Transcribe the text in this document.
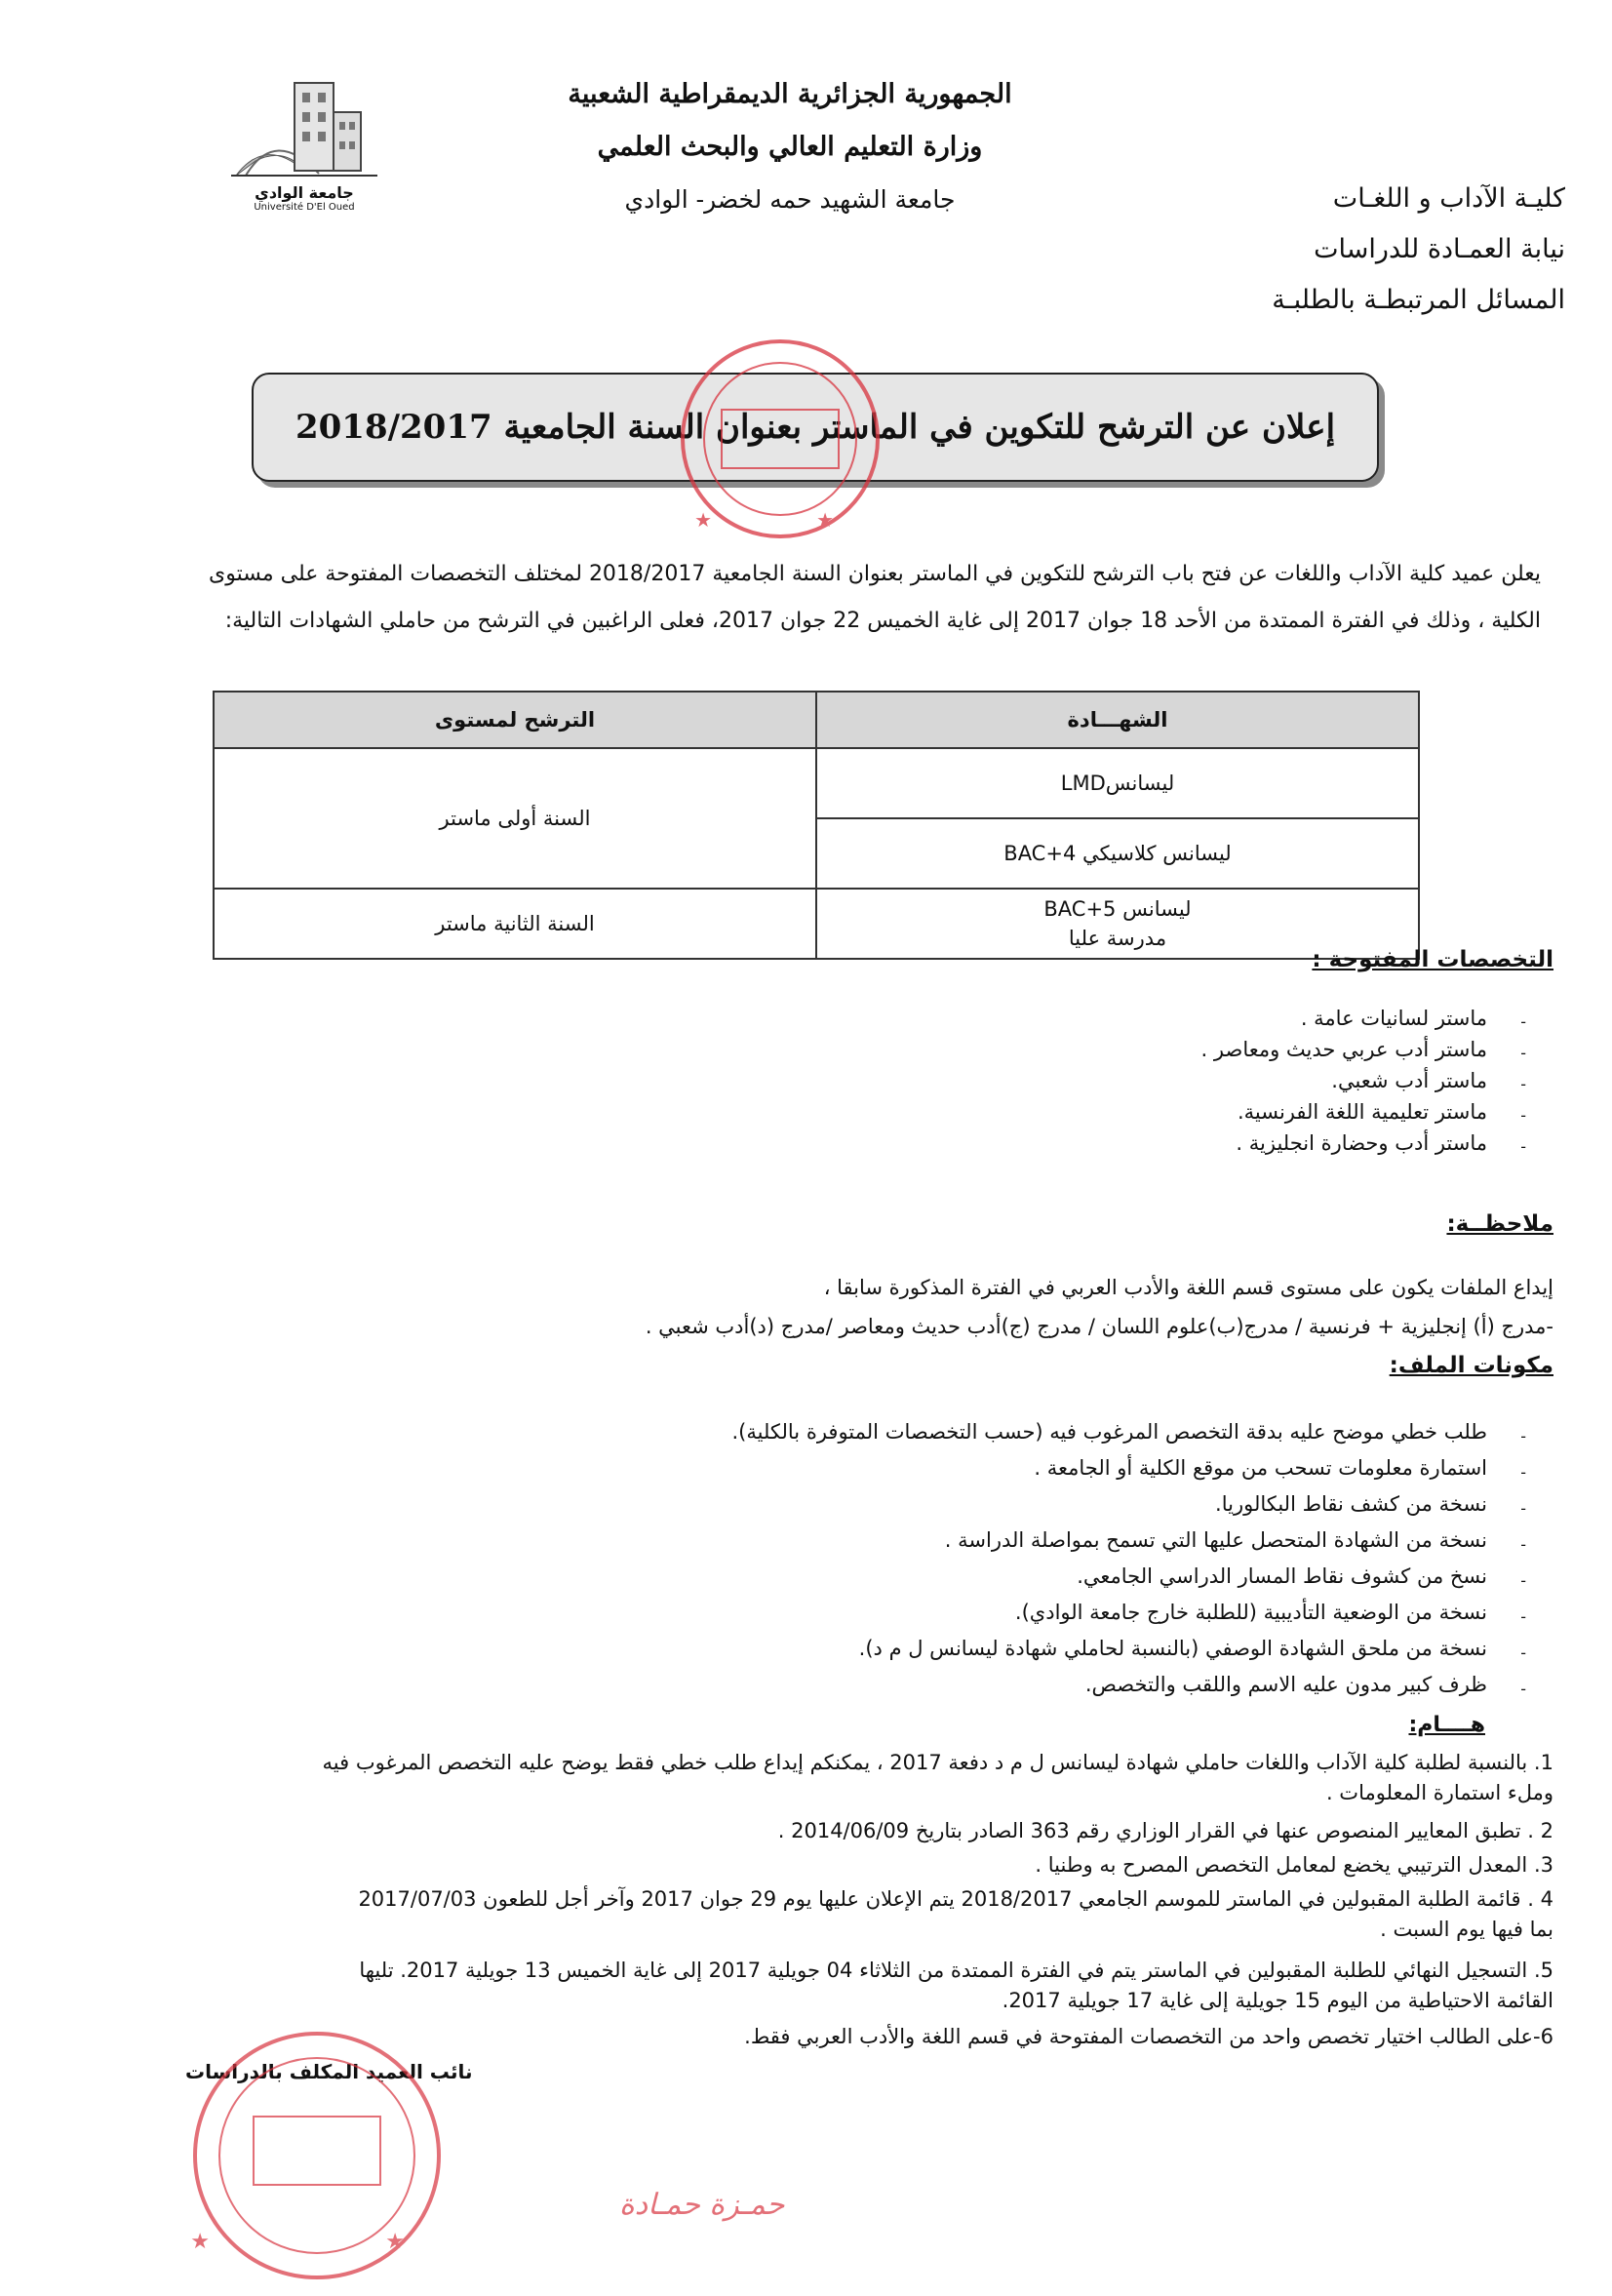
جامعة الوادي
Université D'El Oued
الجمهورية الجزائرية الديمقراطية الشعبية
وزارة التعليم العالي والبحث العلمي
جامعة الشهيد حمه لخضر- الوادي	كليـة الآداب و اللغـات
نيابة العمـادة للدراسات
المسائل المرتبطـة بالطلبـة
إعلان عن الترشح للتكوين في الماستر بعنوان السنة الجامعية 2018/2017
★	★
يعلن عميد كلية الآداب واللغات عن فتح باب الترشح للتكوين في الماستر بعنوان السنة الجامعية 2018/2017 لمختلف التخصصات المفتوحة على مستوى
الكلية ، وذلك في الفترة الممتدة من الأحد 18 جوان 2017 إلى غاية الخميس 22 جوان 2017، فعلى الراغبين في الترشح من حاملي الشهادات التالية:
الشهـــادة	الترشح لمستوى
ليسانسLMD	السنة أولى ماستر
ليسانس كلاسيكي BAC+4	

ليسانس BAC+5
مدرسة عليا	السنة الثانية ماستر
التخصصات المفتوحة :
- ماستر لسانيات عامة .
- ماستر أدب عربي حديث ومعاصر .
- ماستر أدب شعبي.
- ماستر تعليمية اللغة الفرنسية.
- ماستر أدب وحضارة انجليزية .
ملاحظــة:
إيداع الملفات يكون على مستوى قسم اللغة والأدب العربي في الفترة المذكورة سابقا ،
-مدرج (أ) إنجليزية + فرنسية / مدرج(ب)علوم اللسان / مدرج (ج)أدب حديث ومعاصر /مدرج (د)أدب شعبي .
مكونات الملف:
- طلب خطي موضح عليه بدقة التخصص المرغوب فيه (حسب التخصصات المتوفرة بالكلية).
- استمارة معلومات تسحب من موقع الكلية أو الجامعة .
- نسخة من كشف نقاط البكالوريا.
- نسخة من الشهادة المتحصل عليها التي تسمح بمواصلة الدراسة .
- نسخ من كشوف نقاط المسار الدراسي الجامعي.
- نسخة من الوضعية التأديبية (للطلبة خارج جامعة الوادي).
- نسخة من ملحق الشهادة الوصفي (بالنسبة لحاملي شهادة ليسانس ل م د).
- ظرف كبير مدون عليه الاسم واللقب والتخصص.
هــــام:
1. بالنسبة لطلبة كلية الآداب واللغات حاملي شهادة ليسانس ل م د دفعة 2017 ، يمكنكم إيداع طلب خطي فقط يوضح عليه التخصص المرغوب فيه
وملء استمارة المعلومات .
2 . تطبق المعايير المنصوص عنها في القرار الوزاري رقم 363 الصادر بتاريخ 2014/06/09 .
3. المعدل الترتيبي يخضع لمعامل التخصص المصرح به وطنيا .
4 . قائمة الطلبة المقبولين في الماستر للموسم الجامعي 2018/2017 يتم الإعلان عليها يوم 29 جوان 2017 وآخر أجل للطعون 2017/07/03
بما فيها يوم السبت .
5. التسجيل النهائي للطلبة المقبولين في الماستر يتم في الفترة الممتدة من الثلاثاء 04 جويلية 2017 إلى غاية الخميس 13 جويلية 2017. تليها
القائمة الاحتياطية من اليوم 15 جويلية إلى غاية 17 جويلية 2017.
6-على الطالب اختيار تخصص واحد من التخصصات المفتوحة في قسم اللغة والأدب العربي فقط.
نائب العميد المكلف بالدراسات
★	★
حمـزة حمـادة
